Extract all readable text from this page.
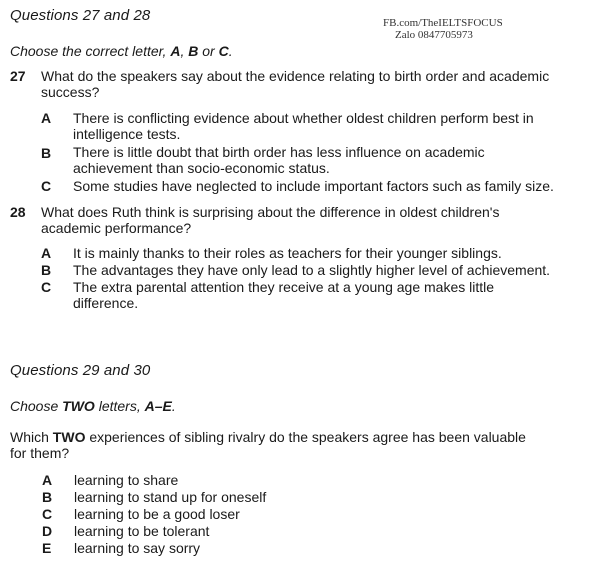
Questions 27 and 28	FB.com/TheIELTSFOCUS
Zalo 0847705973
Choose the correct letter, A, B or C.
27 What do the speakers say about the evidence relating to birth order and academic
success?
A	There is conflicting evidence about whether oldest children perform best in
intelligence tests.
B	There is little doubt that birth order has less influence on academic
achievement than socio-economic status.
C	Some studies have neglected to include important factors such as family size.
28 What does Ruth think is surprising about the difference in oldest children's
academic performance?
A	It is mainly thanks to their roles as teachers for their younger siblings.
B	The advantages they have only lead to a slightly higher level of achievement.
C	The extra parental attention they receive at a young age makes little
difference.
Questions 29 and 30
Choose TWO letters, A–E.
Which TWO experiences of sibling rivalry do the speakers agree has been valuable
for them?
A	learning to share
B	learning to stand up for oneself
C	learning to be a good loser
D	learning to be tolerant
E	learning to say sorry
